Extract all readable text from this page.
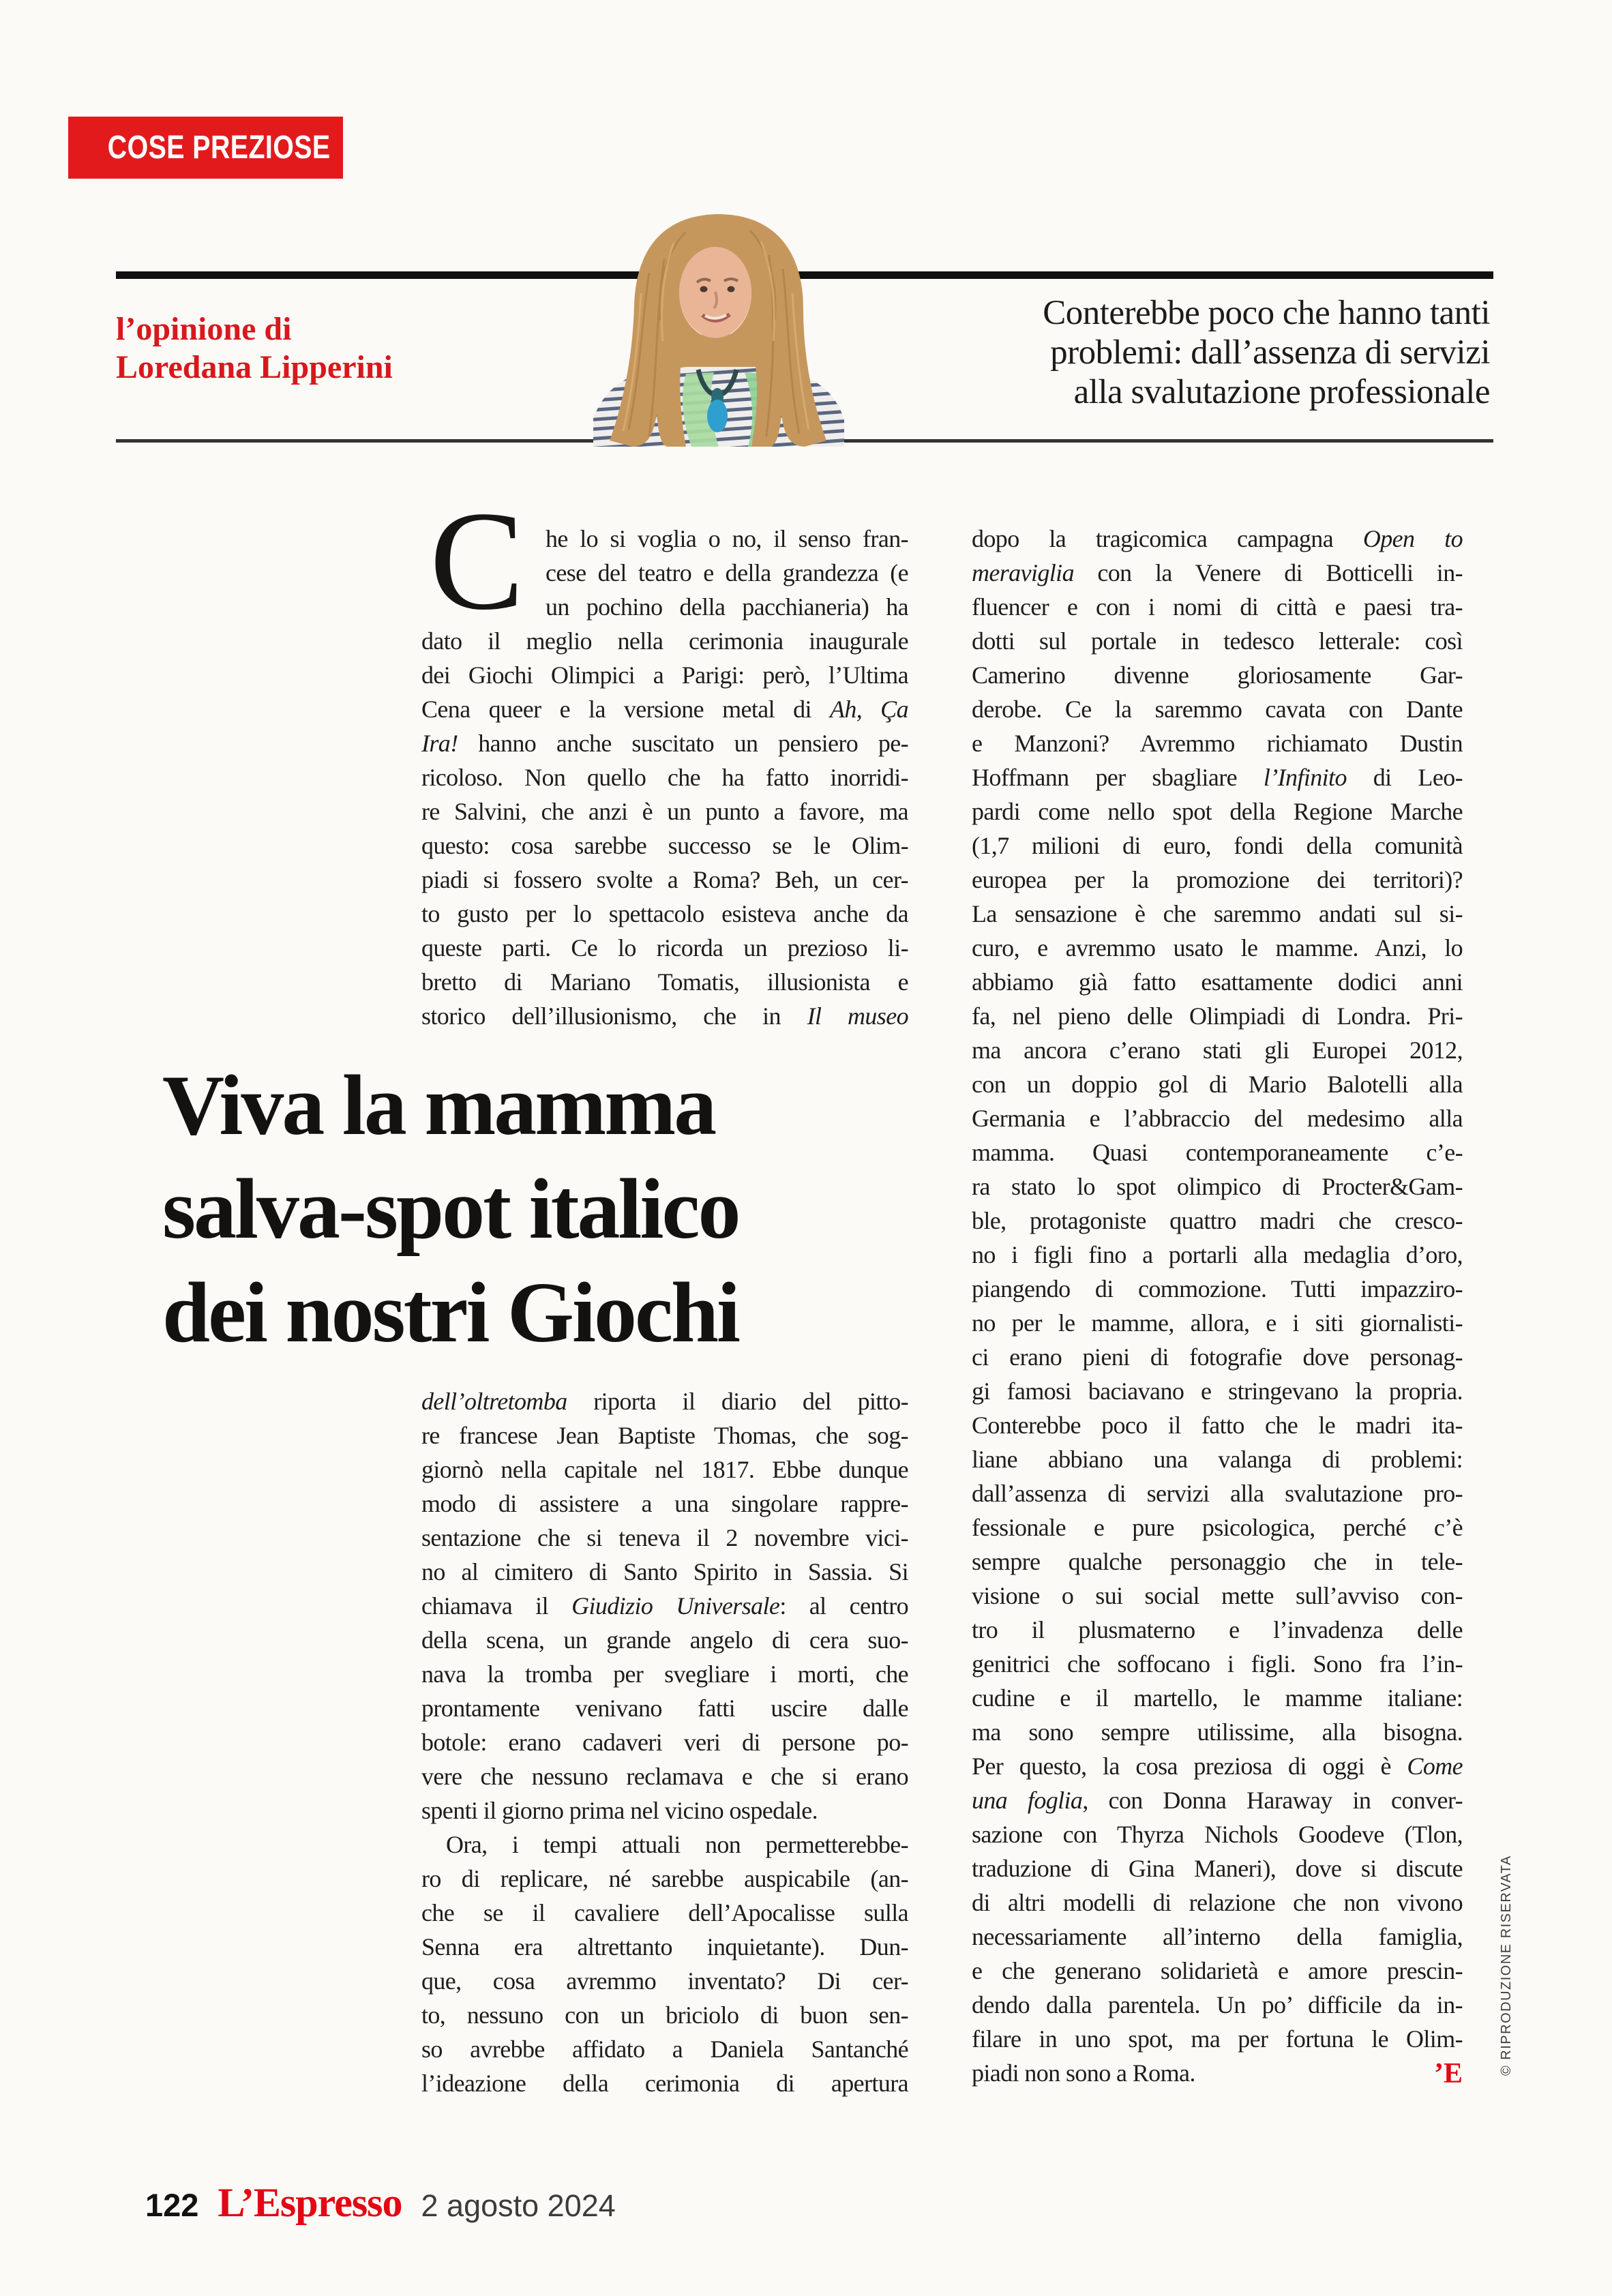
COSE PREZIOSE
l’opinione di
Loredana Lipperini
Conterebbe poco che hanno tanti
problemi: dall’assenza di servizi
alla svalutazione professionale
Viva la mamma
salva-spot italico
dei nostri Giochi
C he lo si voglia o no, il senso fran-
cese del teatro e della grandezza (e
un pochino della pacchianeria) ha
dato il meglio nella cerimonia inaugurale
dei Giochi Olimpici a Parigi: però, l’Ultima
Cena queer e la versione metal di Ah, Ça
Ira! hanno anche suscitato un pensiero pe-
ricoloso. Non quello che ha fatto inorridi-
re Salvini, che anzi è un punto a favore, ma
questo: cosa sarebbe successo se le Olim-
piadi si fossero svolte a Roma? Beh, un cer-
to gusto per lo spettacolo esisteva anche da
queste parti. Ce lo ricorda un prezioso li-
bretto di Mariano Tomatis, illusionista e
storico dell’illusionismo, che in Il museo
dell’oltretomba riporta il diario del pitto-
re francese Jean Baptiste Thomas, che sog-
giornò nella capitale nel 1817. Ebbe dunque
modo di assistere a una singolare rappre-
sentazione che si teneva il 2 novembre vici-
no al cimitero di Santo Spirito in Sassia. Si
chiamava il Giudizio Universale: al centro
della scena, un grande angelo di cera suo-
nava la tromba per svegliare i morti, che
prontamente venivano fatti uscire dalle
botole: erano cadaveri veri di persone po-
vere che nessuno reclamava e che si erano
spenti il giorno prima nel vicino ospedale.
Ora, i tempi attuali non permetterebbe-
ro di replicare, né sarebbe auspicabile (an-
che se il cavaliere dell’Apocalisse sulla
Senna era altrettanto inquietante). Dun-
que, cosa avremmo inventato? Di cer-
to, nessuno con un briciolo di buon sen-
so avrebbe affidato a Daniela Santanché
l’ideazione della cerimonia di apertura
dopo la tragicomica campagna Open to
meraviglia con la Venere di Botticelli in-
fluencer e con i nomi di città e paesi tra-
dotti sul portale in tedesco letterale: così
Camerino divenne gloriosamente Gar-
derobe. Ce la saremmo cavata con Dante
e Manzoni? Avremmo richiamato Dustin
Hoffmann per sbagliare l’Infinito di Leo-
pardi come nello spot della Regione Marche
(1,7 milioni di euro, fondi della comunità
europea per la promozione dei territori)?
La sensazione è che saremmo andati sul si-
curo, e avremmo usato le mamme. Anzi, lo
abbiamo già fatto esattamente dodici anni
fa, nel pieno delle Olimpiadi di Londra. Pri-
ma ancora c’erano stati gli Europei 2012,
con un doppio gol di Mario Balotelli alla
Germania e l’abbraccio del medesimo alla
mamma. Quasi contemporaneamente c’e-
ra stato lo spot olimpico di Procter&Gam-
ble, protagoniste quattro madri che cresco-
no i figli fino a portarli alla medaglia d’oro,
piangendo di commozione. Tutti impazziro-
no per le mamme, allora, e i siti giornalisti-
ci erano pieni di fotografie dove personag-
gi famosi baciavano e stringevano la propria.
Conterebbe poco il fatto che le madri ita-
liane abbiano una valanga di problemi:
dall’assenza di servizi alla svalutazione pro-
fessionale e pure psicologica, perché c’è
sempre qualche personaggio che in tele-
visione o sui social mette sull’avviso con-
tro il plusmaterno e l’invadenza delle
genitrici che soffocano i figli. Sono fra l’in-
cudine e il martello, le mamme italiane:
ma sono sempre utilissime, alla bisogna.
Per questo, la cosa preziosa di oggi è Come
una foglia, con Donna Haraway in conver-
sazione con Thyrza Nichols Goodeve (Tlon,
traduzione di Gina Maneri), dove si discute
di altri modelli di relazione che non vivono
necessariamente all’interno della famiglia,
e che generano solidarietà e amore prescin-
dendo dalla parentela. Un po’ difficile da in-
filare in uno spot, ma per fortuna le Olim-
piadi non sono a Roma.	’E	© RIPRODUZIONE RISERVATA
122 L’Espresso 2 agosto 2024
